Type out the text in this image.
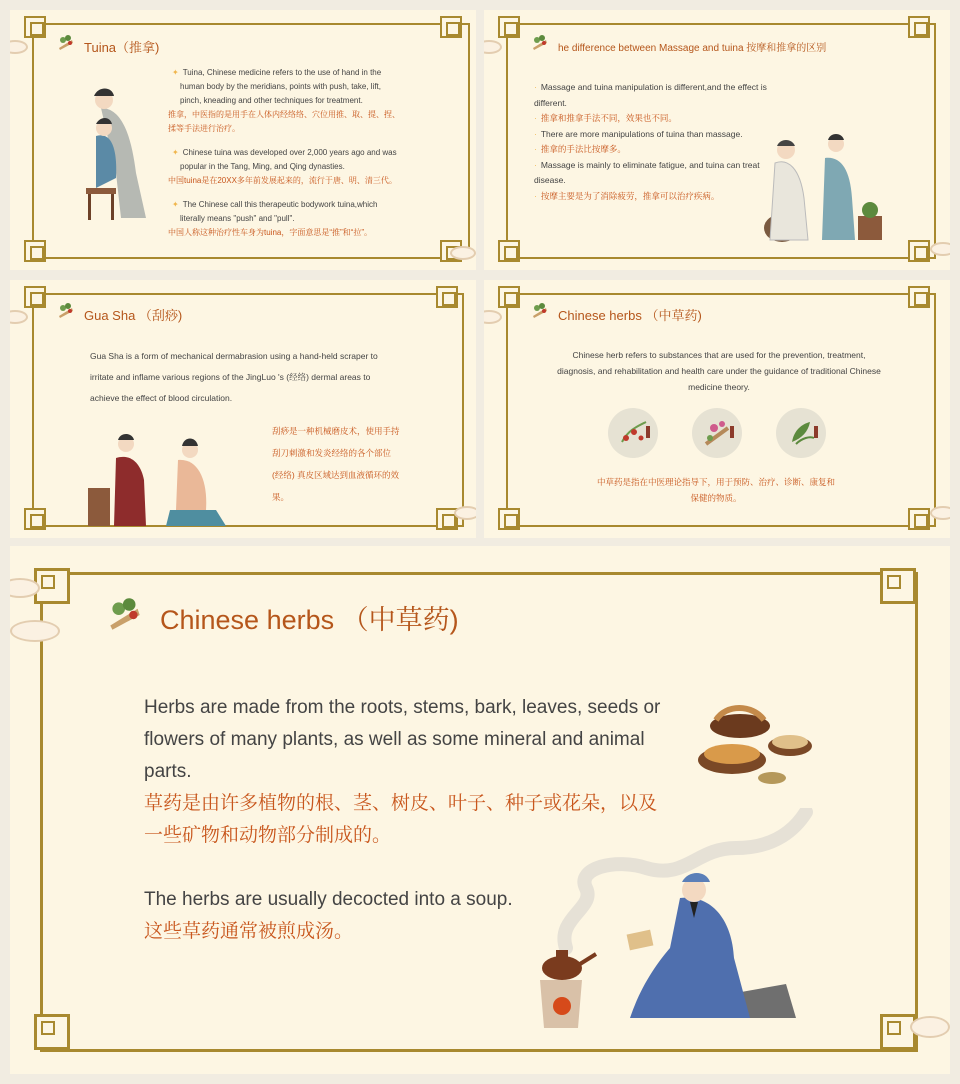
Tuina（推拿)

✦ Tuina, Chinese medicine refers to the use of hand in the human body by the meridians, points with push, take, lift, pinch, kneading and other techniques for treatment.

推拿，中医指的是用手在人体内经络络、穴位用推、取、提、捏、揉等手法进行治疗。

✦ Chinese tuina was developed over 2,000 years ago and was popular in the Tang, Ming, and Qing dynasties.

中国tuina是在20XX多年前发展起来的，流行于唐、明、清三代。

✦ The Chinese call this therapeutic bodywork tuina,which literally means "push" and "pull".

中国人称这种治疗性车身为tuina，字面意思是“推”和“拉”。

he difference between Massage and tuina 按摩和推拿的区别

· Massage and tuina manipulation is different,and the effect is different.

· 推拿和推拿手法不同，效果也不同。

· There are more manipulations of tuina than massage.

· 推拿的手法比按摩多。

· Massage is mainly to eliminate fatigue, and tuina can treat disease.

· 按摩主要是为了消除疲劳，推拿可以治疗疾病。

Gua Sha （刮痧)

Gua Sha is a form of mechanical dermabrasion using a hand-held scraper to irritate and inflame various regions of the JingLuo 's (经络) dermal areas to achieve the effect of blood circulation.

刮痧是一种机械磨皮术，使用手持刮刀刺激和发炎经络的各个部位(经络) 真皮区域达到血液循环的效果。

Chinese herbs （中草药)

Chinese herb refers to substances that are used for the prevention, treatment, diagnosis, and rehabilitation and health care under the guidance of traditional Chinese medicine theory.

中草药是指在中医理论指导下，用于预防、治疗、诊断、康复和保健的物质。

Chinese herbs （中草药)

Herbs are made from the roots, stems, bark, leaves, seeds or flowers of many plants, as well as some mineral and animal parts.

草药是由许多植物的根、茎、树皮、叶子、种子或花朵，以及一些矿物和动物部分制成的。

The herbs are usually decocted into a soup.

这些草药通常被煎成汤。
